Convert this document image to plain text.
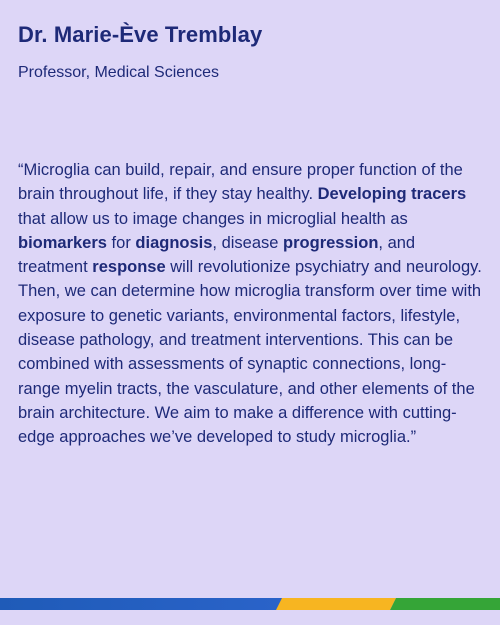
Dr. Marie-Ève Tremblay

Professor, Medical Sciences

“Microglia can build, repair, and ensure proper function of the brain throughout life, if they stay healthy. Developing tracers that allow us to image changes in microglial health as biomarkers for diagnosis, disease progression, and treatment response will revolutionize psychiatry and neurology. Then, we can determine how microglia transform over time with exposure to genetic variants, environmental factors, lifestyle, disease pathology, and treatment interventions. This can be combined with assessments of synaptic connections, long-range myelin tracts, the vasculature, and other elements of the brain architecture. We aim to make a difference with cutting-edge approaches we’ve developed to study microglia.”
